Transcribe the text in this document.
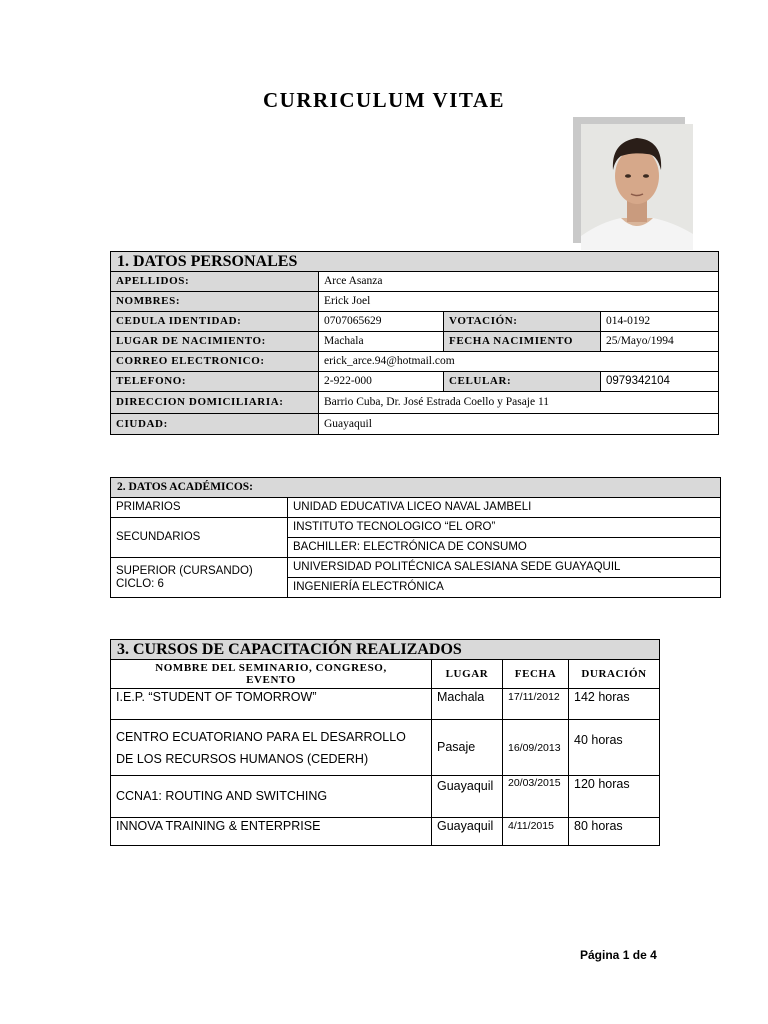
CURRICULUM VITAE
1. DATOS PERSONALES			
APELLIDOS:	Arce Asanza		
NOMBRES:	Erick Joel		
CEDULA IDENTIDAD:	0707065629	VOTACIÓN:	014-0192
LUGAR DE NACIMIENTO:	Machala	FECHA NACIMIENTO	25/Mayo/1994
CORREO ELECTRONICO:	erick_arce.94@hotmail.com		
TELEFONO:	2-922-000	CELULAR:	0979342104
DIRECCION DOMICILIARIA:	Barrio Cuba, Dr. José Estrada Coello y Pasaje 11		
CIUDAD:	Guayaquil		
2. DATOS ACADÉMICOS:	
PRIMARIOS	UNIDAD EDUCATIVA LICEO NAVAL JAMBELI
SECUNDARIOS	INSTITUTO TECNOLOGICO “EL ORO”
	BACHILLER: ELECTRÓNICA DE CONSUMO
SUPERIOR (CURSANDO)
CICLO: 6	UNIVERSIDAD POLITÉCNICA SALESIANA SEDE GUAYAQUIL
	INGENIERÍA ELECTRÓNICA
3. CURSOS DE CAPACITACIÓN REALIZADOS			
NOMBRE DEL SEMINARIO, CONGRESO, EVENTO	LUGAR	FECHA	DURACIÓN
I.E.P. “STUDENT OF TOMORROW”	Machala	17/11/2012	142 horas
CENTRO ECUATORIANO PARA EL DESARROLLO DE LOS RECURSOS HUMANOS (CEDERH)	Pasaje	16/09/2013	40 horas
CCNA1: ROUTING AND SWITCHING	Guayaquil	20/03/2015	120 horas
INNOVA TRAINING & ENTERPRISE	Guayaquil	4/11/2015	80 horas
Página 1 de 4
